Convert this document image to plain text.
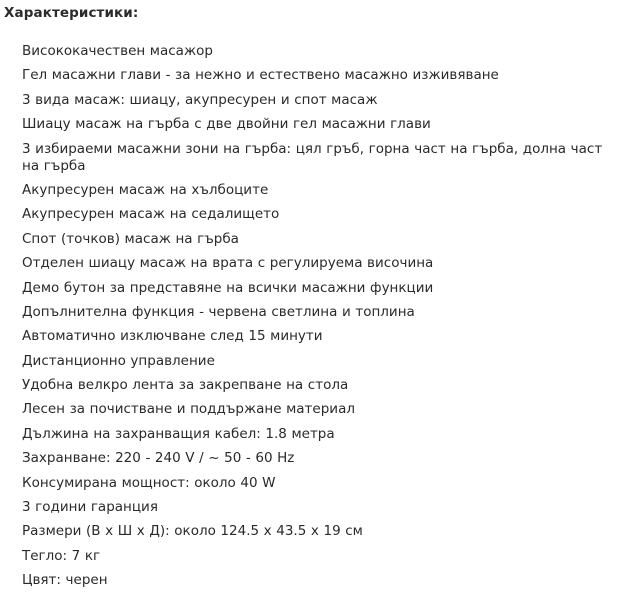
Характеристики:
Висококачествен масажор
Гел масажни глави - за нежно и естествено масажно изживяване
3 вида масаж: шиацу, акупресурен и спот масаж
Шиацу масаж на гърба с две двойни гел масажни глави
3 избираеми масажни зони на гърба: цял гръб, горна част на гърба, долна част на гърба
Акупресурен масаж на хълбоците
Акупресурен масаж на седалището
Спот (точков) масаж на гърба
Отделен шиацу масаж на врата с регулируема височина
Демо бутон за представяне на всички масажни функции
Допълнителна функция - червена светлина и топлина
Автоматично изключване след 15 минути
Дистанционно управление
Удобна велкро лента за закрепване на стола
Лесен за почистване и поддържане материал
Дължина на захранващия кабел: 1.8 метра
Захранване: 220 - 240 V / ~ 50 - 60 Hz
Консумирана мощност: около 40 W
3 години гаранция
Размери (В х Ш х Д): около 124.5 х 43.5 х 19 см
Тегло: 7 кг
Цвят: черен
